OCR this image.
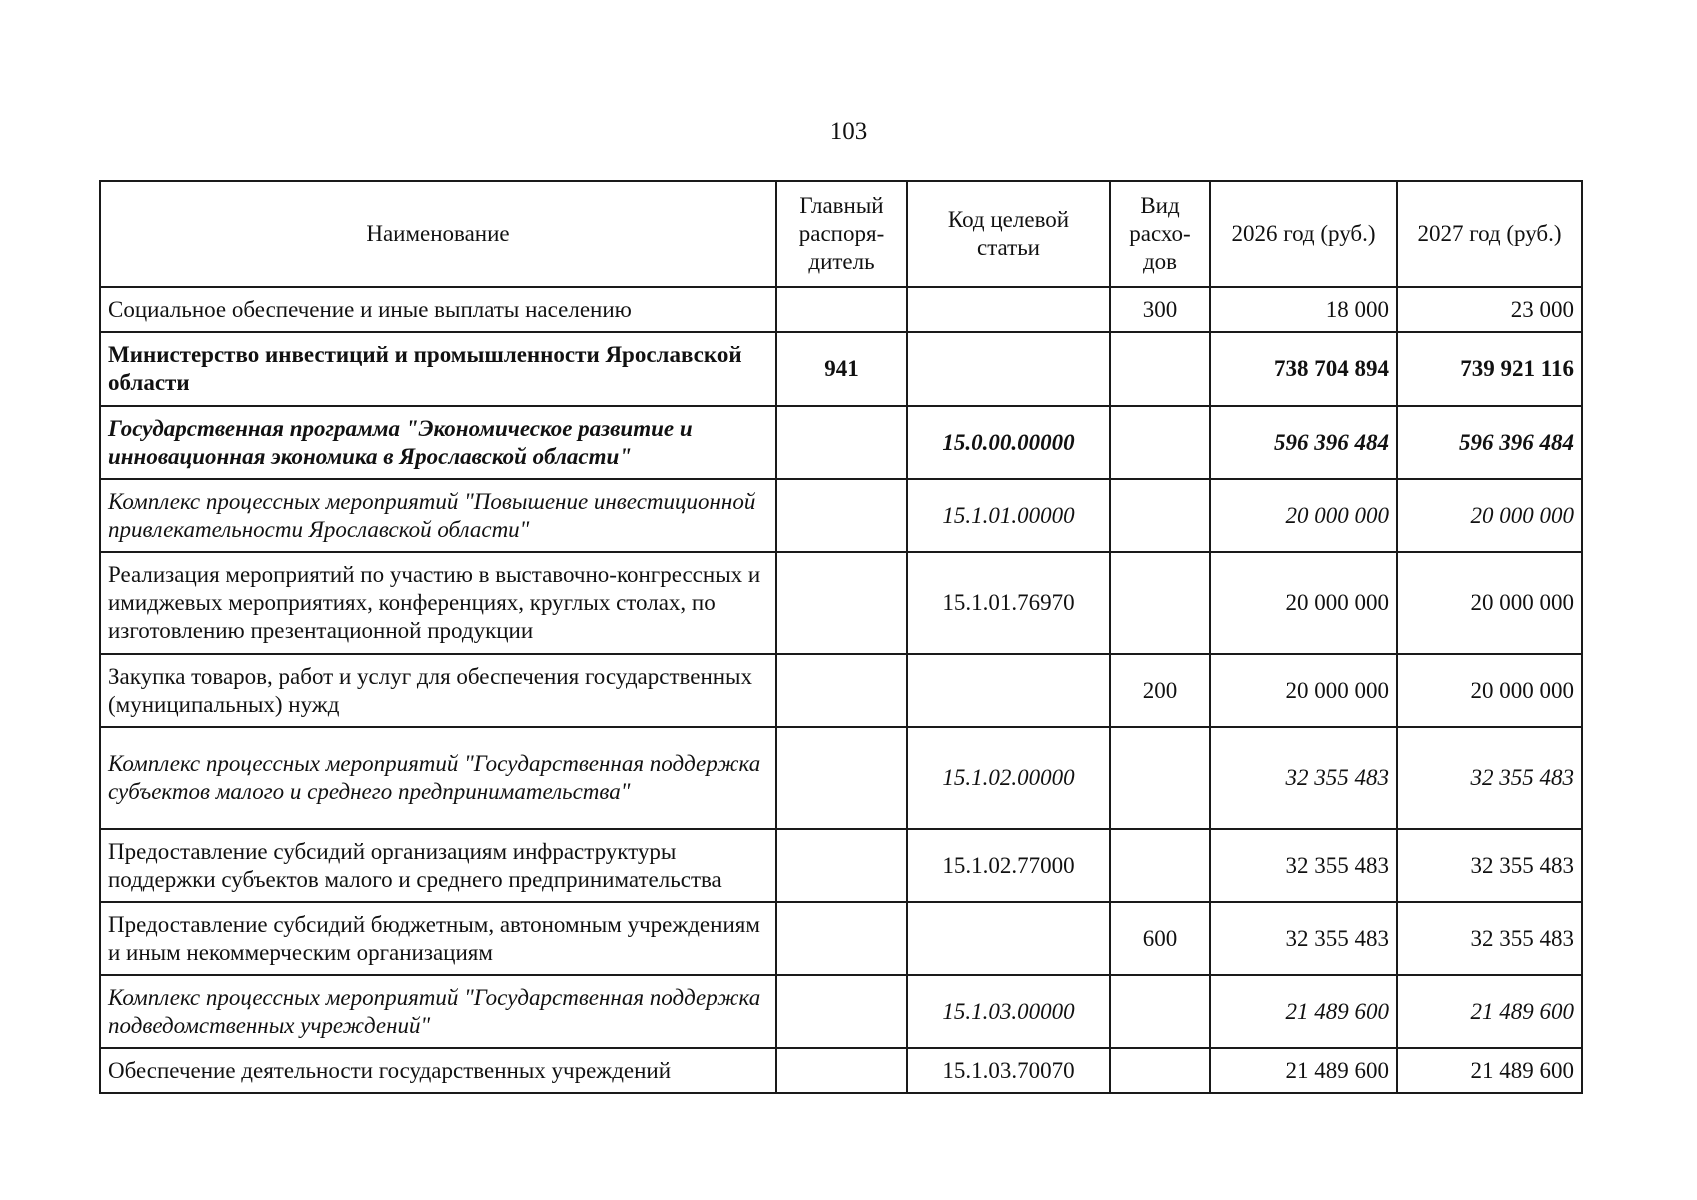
103
Наименование	Главный распоря-дитель	Код целевой статьи	Вид расхо-дов	2026 год (руб.)	2027 год (руб.)
Социальное обеспечение и иные выплаты населению			300	18 000	23 000
Министерство инвестиций и промышленности Ярославской области	941			738 704 894	739 921 116
Государственная программа "Экономическое развитие и инновационная экономика в Ярославской области"		15.0.00.00000		596 396 484	596 396 484
Комплекс процессных мероприятий "Повышение инвестиционной привлекательности Ярославской области"		15.1.01.00000		20 000 000	20 000 000
Реализация мероприятий по участию в выставочно-конгрессных и имиджевых мероприятиях, конференциях, круглых столах, по изготовлению презентационной продукции		15.1.01.76970		20 000 000	20 000 000
Закупка товаров, работ и услуг для обеспечения государственных (муниципальных) нужд			200	20 000 000	20 000 000
Комплекс процессных мероприятий "Государственная поддержка субъектов малого и среднего предпринимательства"		15.1.02.00000		32 355 483	32 355 483
Предоставление субсидий организациям инфраструктуры поддержки субъектов малого и среднего предпринимательства		15.1.02.77000		32 355 483	32 355 483
Предоставление субсидий бюджетным, автономным учреждениям и иным некоммерческим организациям			600	32 355 483	32 355 483
Комплекс процессных мероприятий "Государственная поддержка подведомственных учреждений"		15.1.03.00000		21 489 600	21 489 600
Обеспечение деятельности государственных учреждений		15.1.03.70070		21 489 600	21 489 600
